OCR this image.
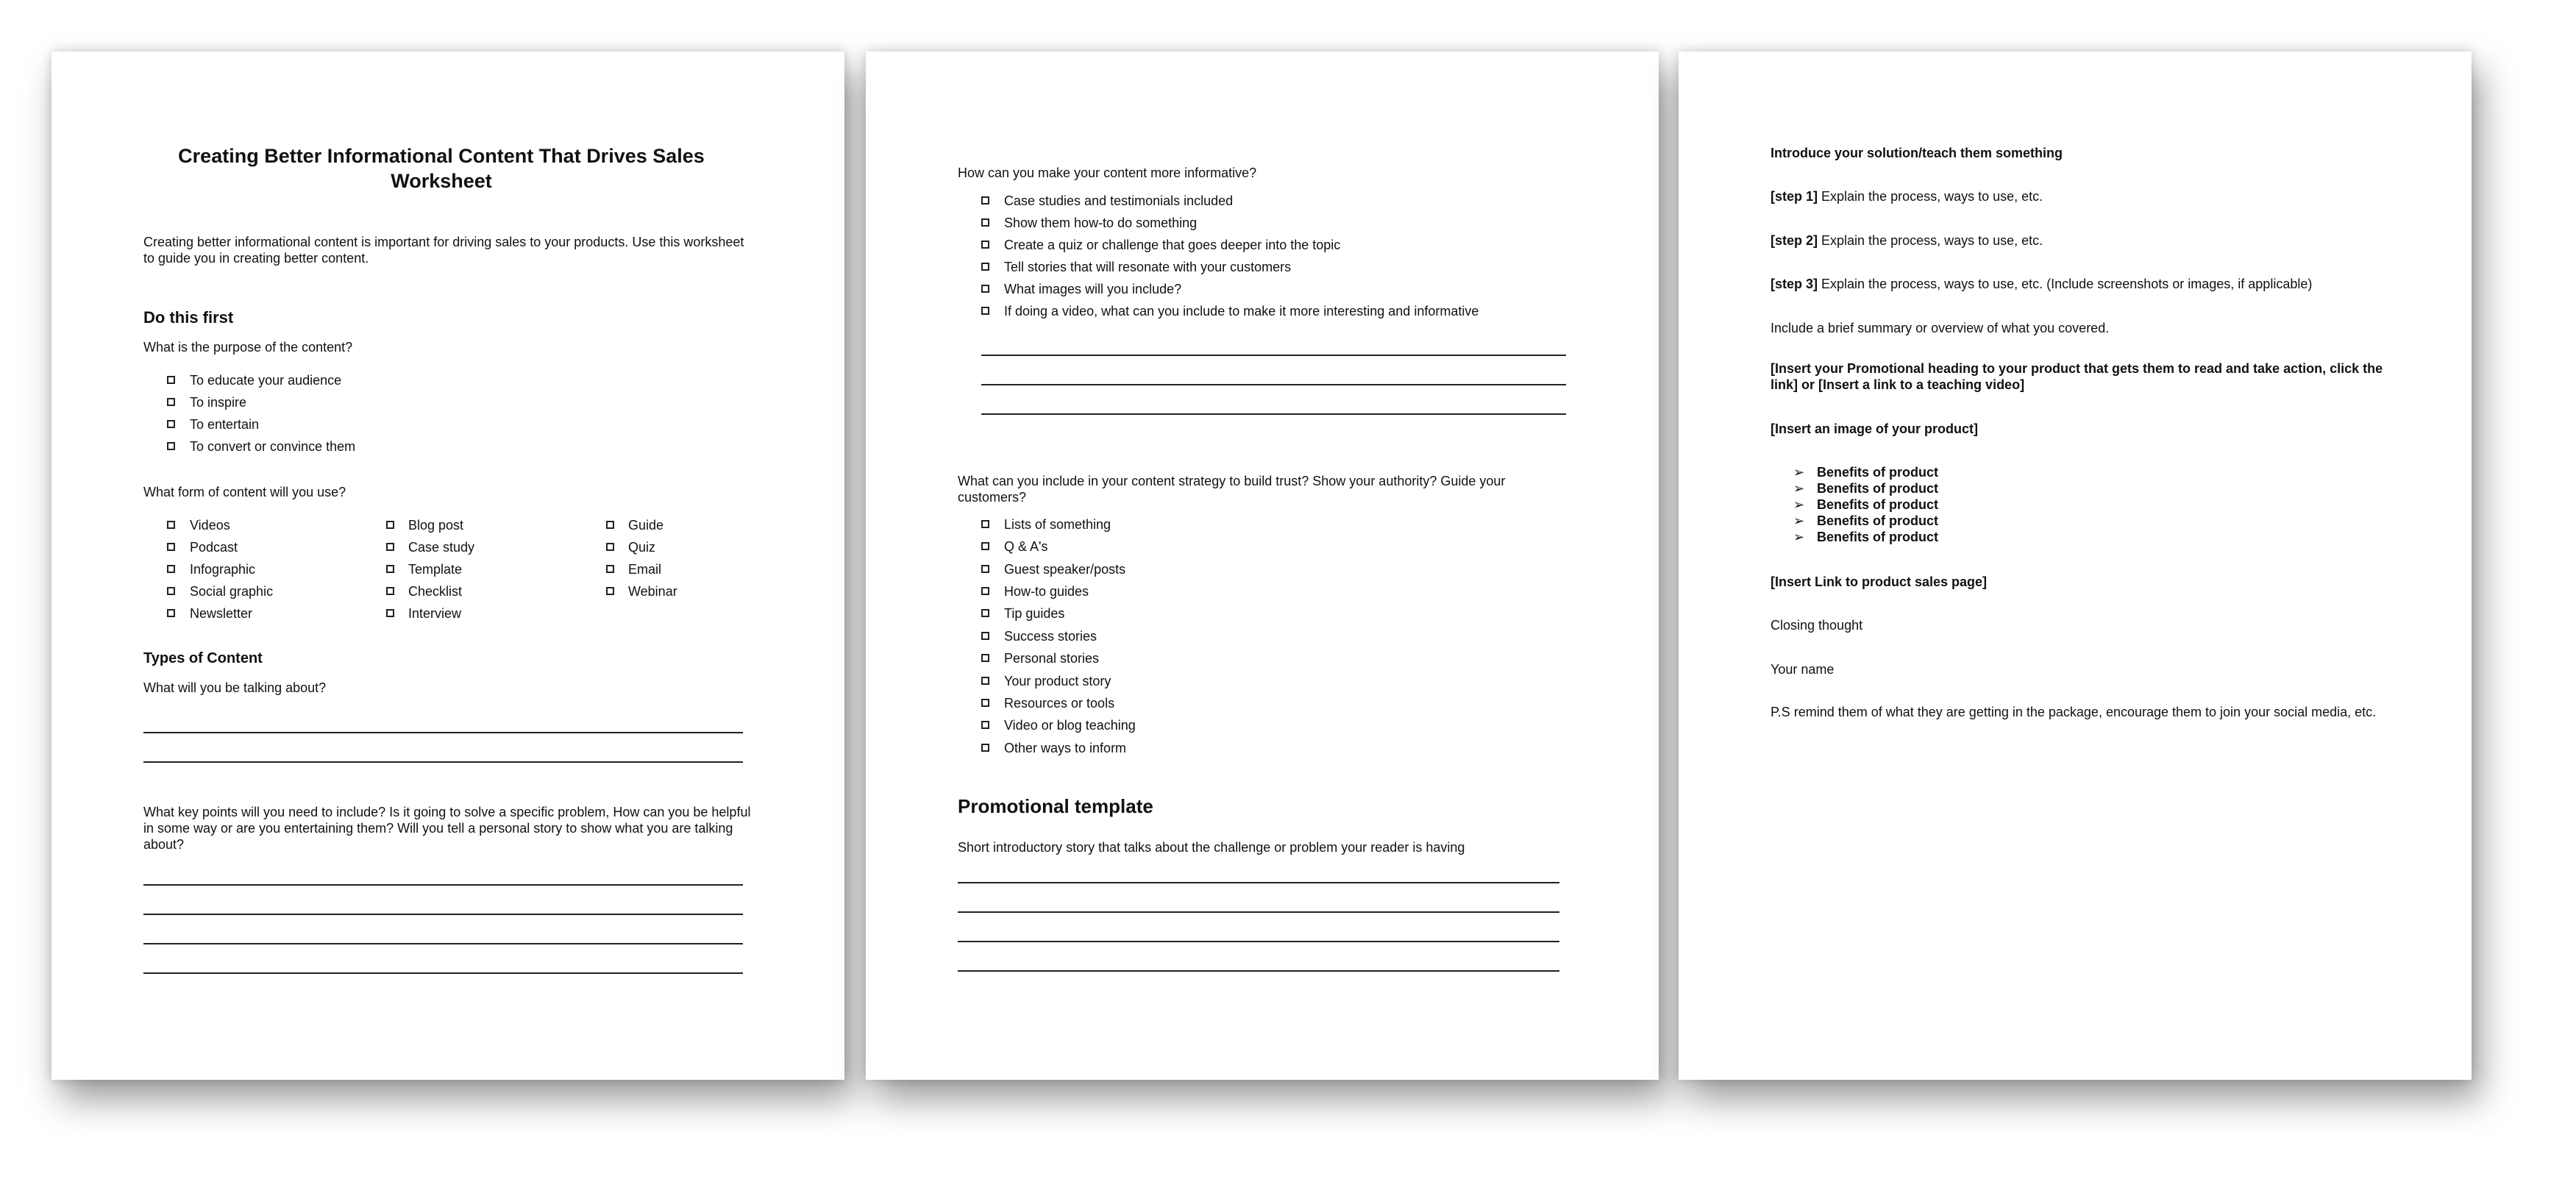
Creating Better Informational Content That Drives Sales Worksheet
Creating better informational content is important for driving sales to your products. Use this worksheet to guide you in creating better content.
Do this first
What is the purpose of the content?
To educate your audience
To inspire
To entertain
To convert or convince them
What form of content will you use?
Videos
Podcast
Infographic
Social graphic
Newsletter
Blog post
Case study
Template
Checklist
Interview
Guide
Quiz
Email
Webinar
Types of Content
What will you be talking about?
What key points will you need to include? Is it going to solve a specific problem, How can you be helpful in some way or are you entertaining them? Will you tell a personal story to show what you are talking about?
How can you make your content more informative?
Case studies and testimonials included
Show them how-to do something
Create a quiz or challenge that goes deeper into the topic
Tell stories that will resonate with your customers
What images will you include?
If doing a video, what can you include to make it more interesting and informative
What can you include in your content strategy to build trust? Show your authority? Guide your customers?
Lists of something
Q & A's
Guest speaker/posts
How-to guides
Tip guides
Success stories
Personal stories
Your product story
Resources or tools
Video or blog teaching
Other ways to inform
Promotional template
Short introductory story that talks about the challenge or problem your reader is having
Introduce your solution/teach them something
[step 1] Explain the process, ways to use, etc.
[step 2] Explain the process, ways to use, etc.
[step 3] Explain the process, ways to use, etc. (Include screenshots or images, if applicable)
Include a brief summary or overview of what you covered.
[Insert your Promotional heading to your product that gets them to read and take action, click the link] or [Insert a link to a teaching video]
[Insert an image of your product]
➢ Benefits of product
➢ Benefits of product
➢ Benefits of product
➢ Benefits of product
➢ Benefits of product
[Insert Link to product sales page]
Closing thought
Your name
P.S remind them of what they are getting in the package, encourage them to join your social media, etc.
